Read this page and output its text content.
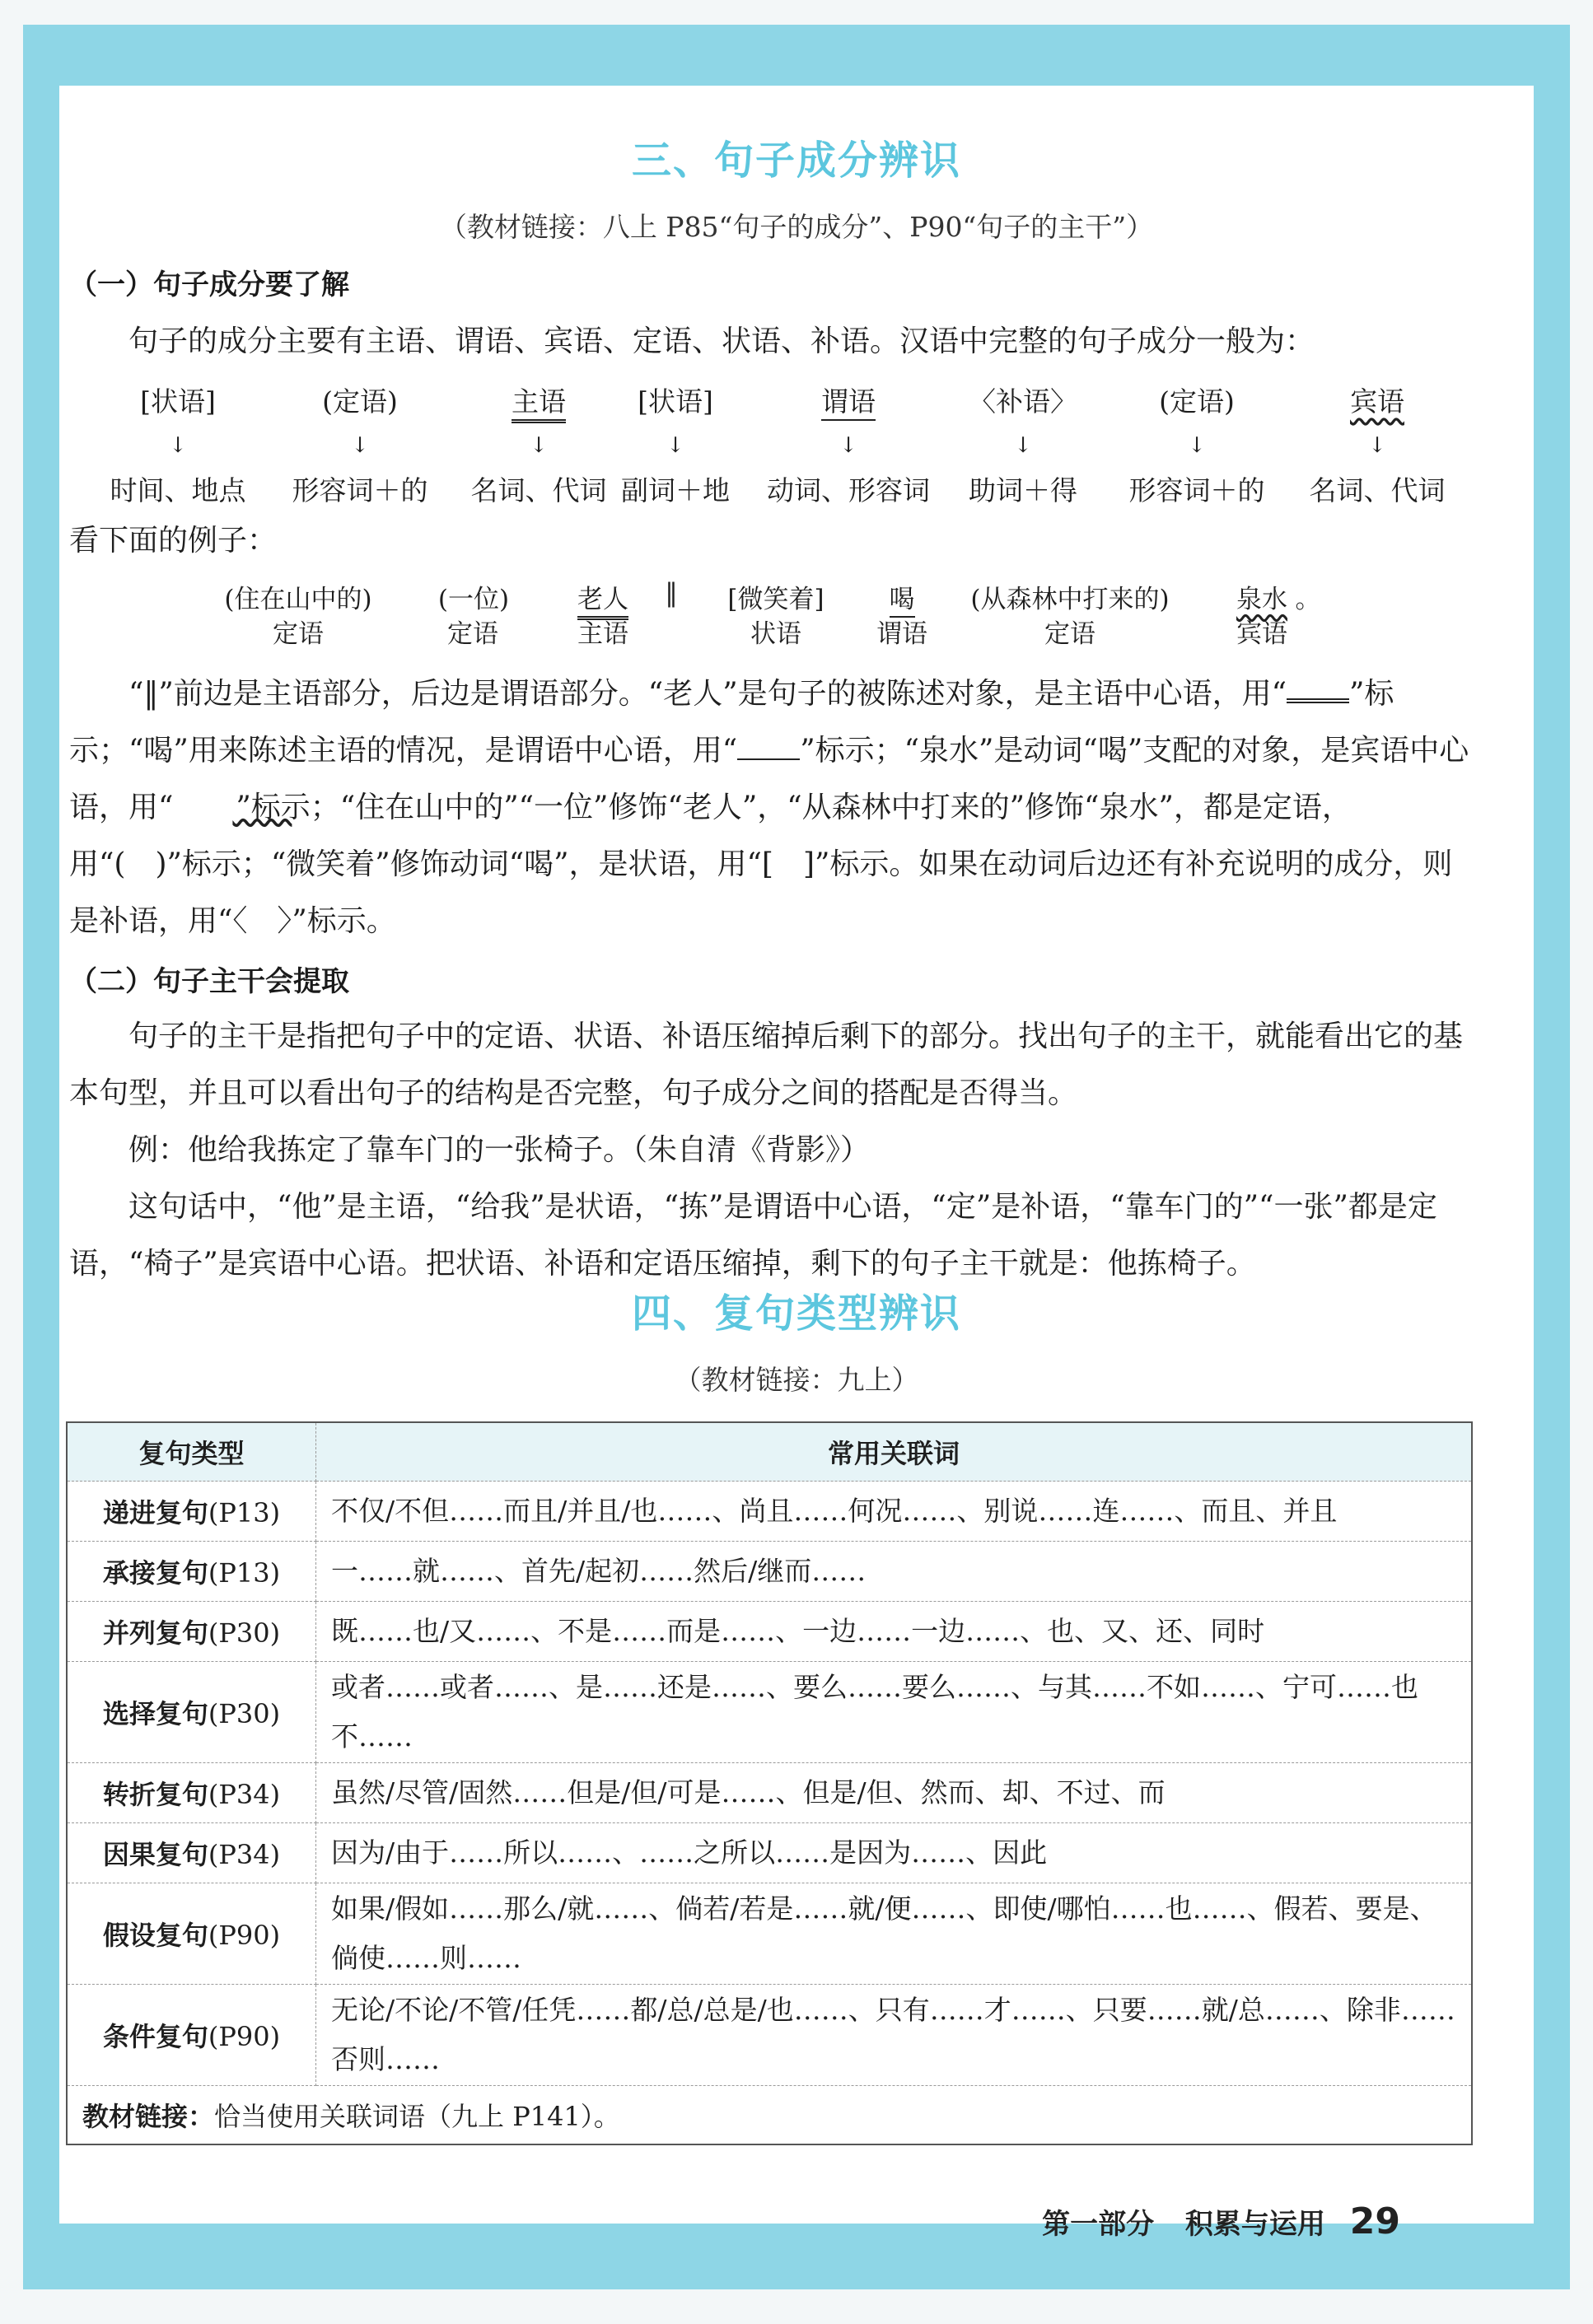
三、句子成分辨识
（教材链接：八上 P85“句子的成分”、P90“句子的主干”）
（一）句子成分要了解

句子的成分主要有主语、谓语、宾语、定语、状语、补语。汉语中完整的句子成分一般为：

[状语]	(定语)	主语	[状语]	谓语	〈补语〉	(定语)	宾语
↓	↓	↓	↓	↓	↓	↓	↓
时间、地点	形容词＋的	名词、代词 副词＋地	动词、形容词	助词＋得	形容词＋的	名词、代词

看下面的例子：

(住在山中的)	(一位)	老人	‖	[微笑着]	喝	(从森林中打来的)	泉水 。
定语	定语	主语	状语	谓语	定语	宾语

“‖”前边是主语部分，后边是谓语部分。“老人”是句子的被陈述对象，是主语中心语，用“ ”标示；“喝”用来陈述主语的情况，是谓语中心语，用“ ”标示；“泉水”是动词“喝”支配的对象，是宾语中心语，用“　　 ”标示；“住在山中的”“一位”修饰“老人”，“从森林中打来的”修饰“泉水”，都是定语，用“(　)”标示；“微笑着”修饰动词“喝”，是状语，用“[　]”标示。如果在动词后边还有补充说明的成分，则是补语，用“〈　〉”标示。

（二）句子主干会提取

句子的主干是指把句子中的定语、状语、补语压缩掉后剩下的部分。找出句子的主干，就能看出它的基本句型，并且可以看出句子的结构是否完整，句子成分之间的搭配是否得当。

例：他给我拣定了靠车门的一张椅子。（朱自清《背影》）

这句话中，“他”是主语，“给我”是状语，“拣”是谓语中心语，“定”是补语，“靠车门的”“一张”都是定语，“椅子”是宾语中心语。把状语、补语和定语压缩掉，剩下的句子主干就是：他拣椅子。

四、复句类型辨识
（教材链接：九上）
复句类型	常用关联词
递进复句(P13)	不仅/不但……而且/并且/也……、尚且……何况……、别说……连……、而且、并且
承接复句(P13)	一……就……、首先/起初……然后/继而……
并列复句(P30)	既……也/又……、不是……而是……、一边……一边……、也、又、还、同时
选择复句(P30)	或者……或者……、是……还是……、要么……要么……、与其……不如……、宁可……也不……
转折复句(P34)	虽然/尽管/固然……但是/但/可是……、但是/但、然而、却、不过、而
因果复句(P34)	因为/由于……所以……、……之所以……是因为……、因此
假设复句(P90)	如果/假如……那么/就……、倘若/若是……就/便……、即使/哪怕……也……、假若、要是、倘使……则……
条件复句(P90)	无论/不论/不管/任凭……都/总/总是/也……、只有……才……、只要……就/总……、除非……否则……
教材链接：恰当使用关联词语（九上 P141）。	
第一部分 积累与运用 29
